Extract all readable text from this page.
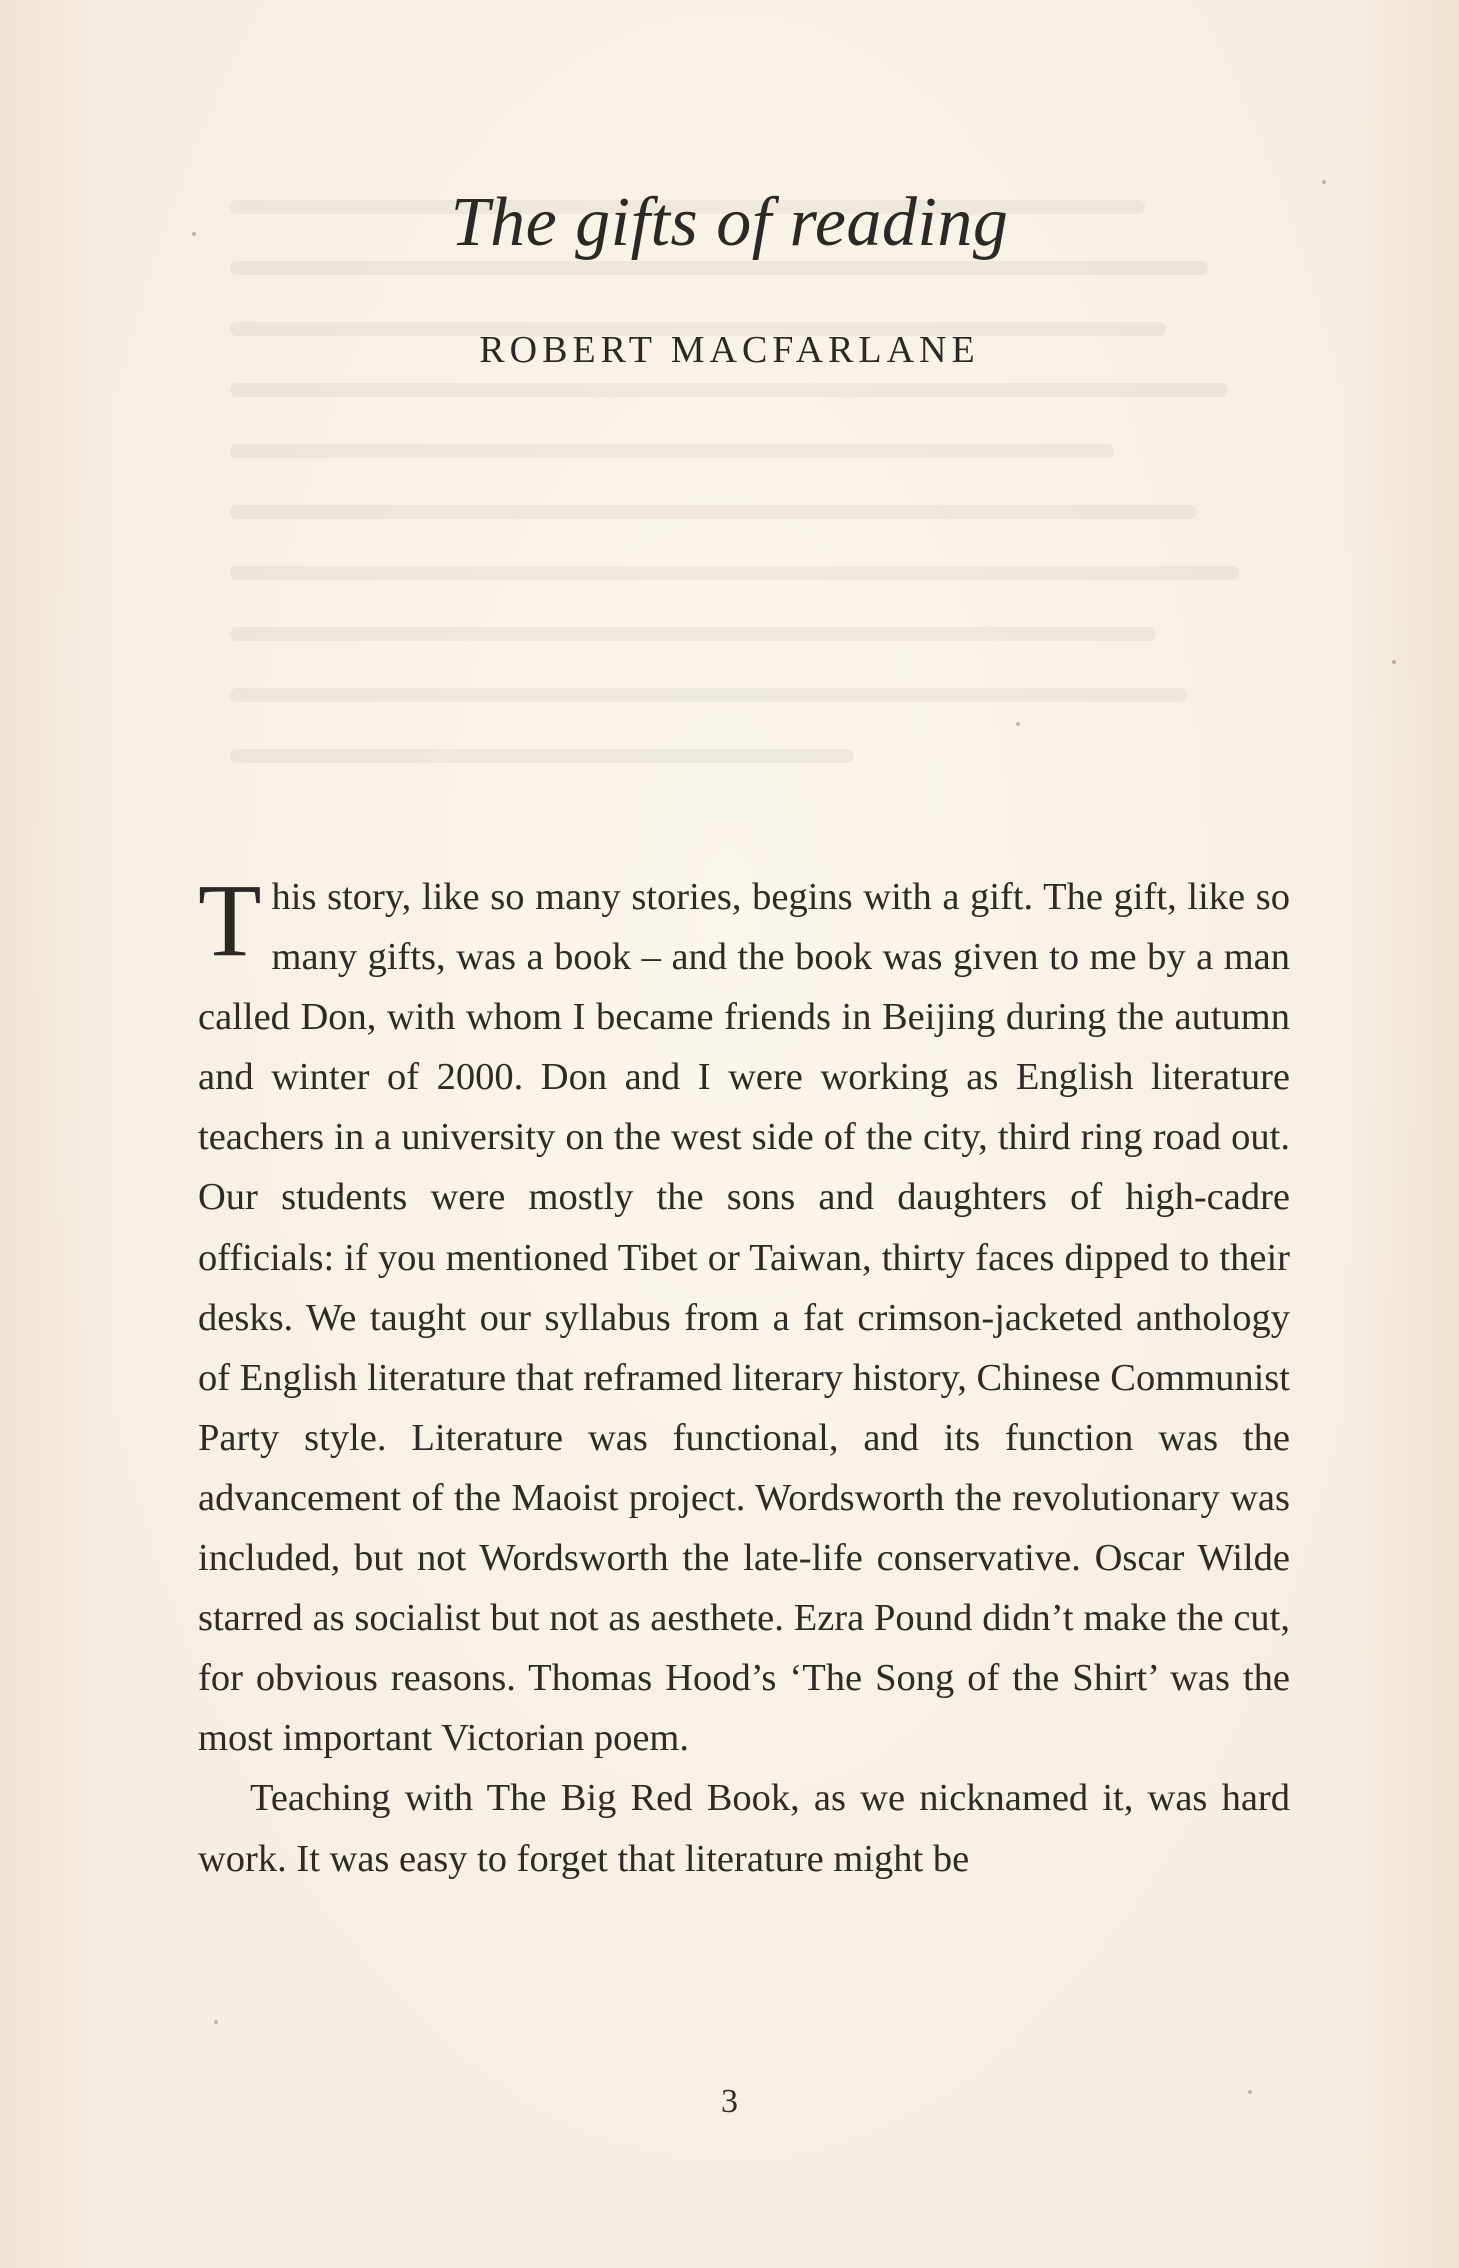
The gifts of reading
ROBERT MACFARLANE

This story, like so many stories, begins with a gift. The gift, like so many gifts, was a book – and the book was given to me by a man called Don, with whom I became friends in Beijing during the autumn and winter of 2000. Don and I were working as English literature teachers in a university on the west side of the city, third ring road out. Our students were mostly the sons and daughters of high-cadre officials: if you mentioned Tibet or Taiwan, thirty faces dipped to their desks. We taught our syllabus from a fat crimson-jacketed anthology of English literature that reframed literary history, Chinese Communist Party style. Literature was functional, and its function was the advancement of the Maoist project. Wordsworth the revolutionary was included, but not Wordsworth the late-life conservative. Oscar Wilde starred as socialist but not as aesthete. Ezra Pound didn’t make the cut, for obvious reasons. Thomas Hood’s ‘The Song of the Shirt’ was the most important Victorian poem.

Teaching with The Big Red Book, as we nicknamed it, was hard work. It was easy to forget that literature might be

3
